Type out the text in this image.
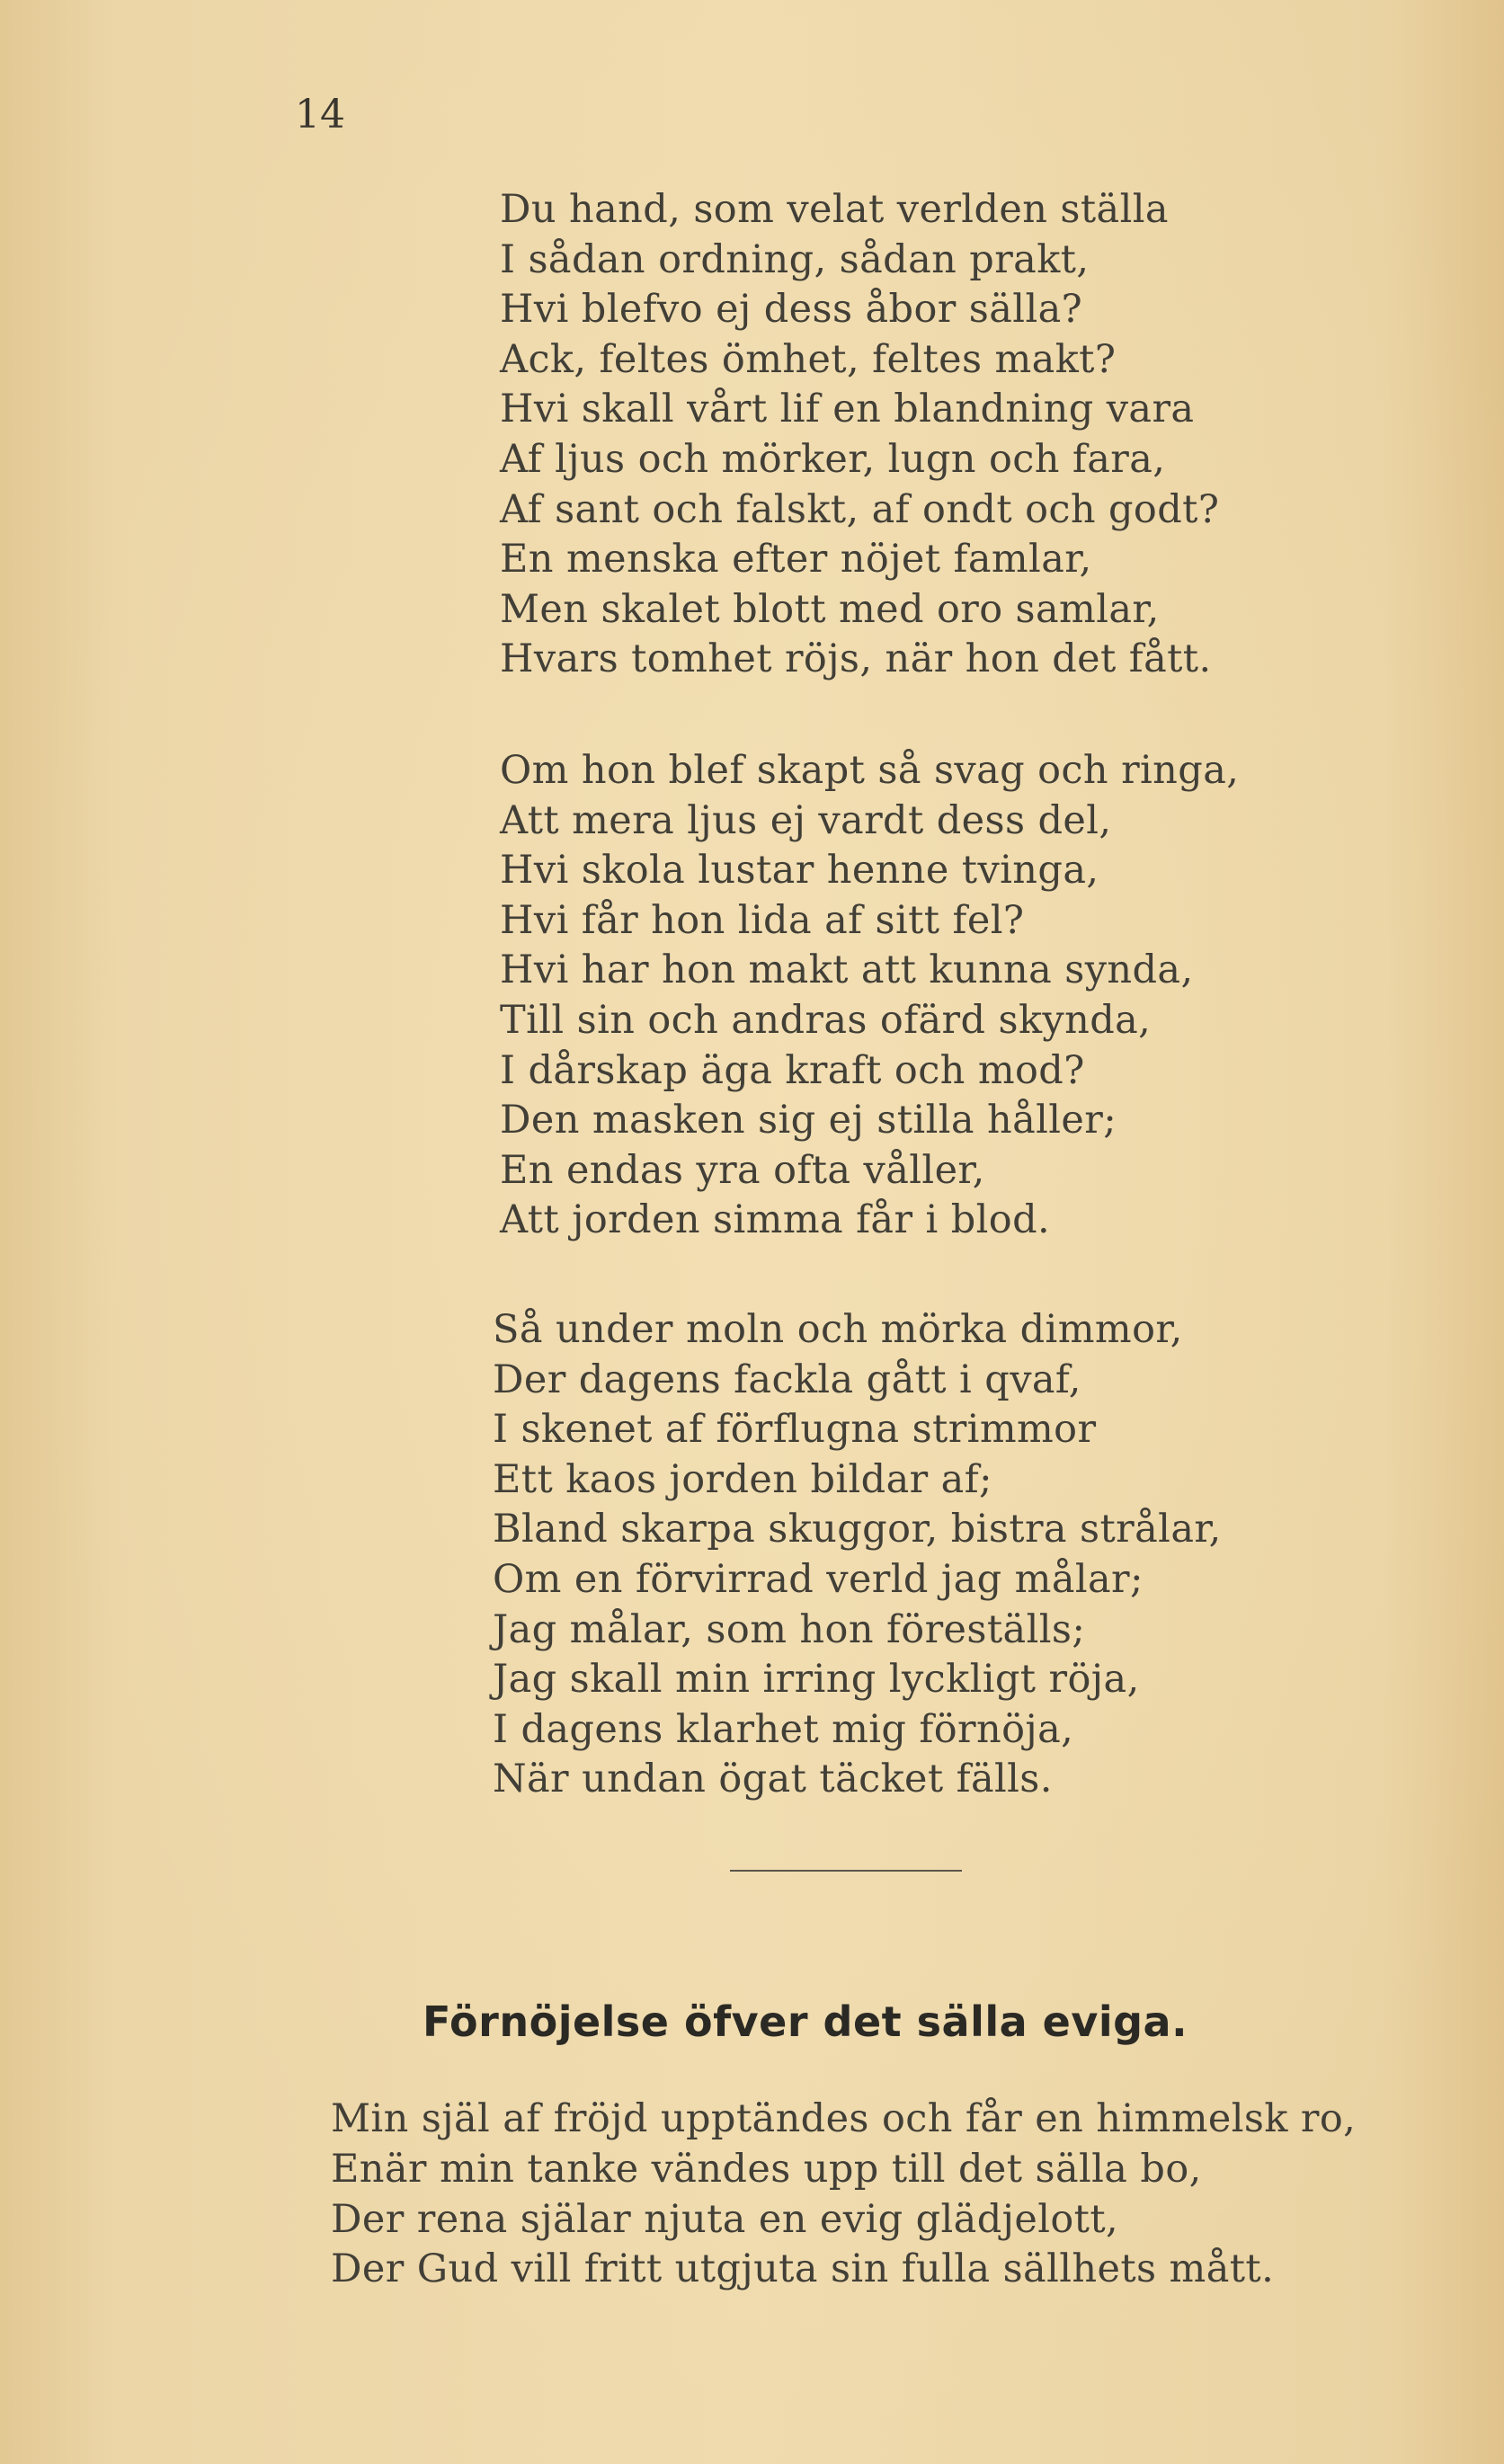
14
Du hand, som velat verlden ställa
I sådan ordning, sådan prakt,
Hvi blefvo ej dess åbor sälla?
Ack, feltes ömhet, feltes makt?
Hvi skall vårt lif en blandning vara
Af ljus och mörker, lugn och fara,
Af sant och falskt, af ondt och godt?
En menska efter nöjet famlar,
Men skalet blott med oro samlar,
Hvars tomhet röjs, när hon det fått.
Om hon blef skapt så svag och ringa,
Att mera ljus ej vardt dess del,
Hvi skola lustar henne tvinga,
Hvi får hon lida af sitt fel?
Hvi har hon makt att kunna synda,
Till sin och andras ofärd skynda,
I dårskap äga kraft och mod?
Den masken sig ej stilla håller;
En endas yra ofta våller,
Att jorden simma får i blod.
Så under moln och mörka dimmor,
Der dagens fackla gått i qvaf,
I skenet af förflugna strimmor
Ett kaos jorden bildar af;
Bland skarpa skuggor, bistra strålar,
Om en förvirrad verld jag målar;
Jag målar, som hon föreställs;
Jag skall min irring lyckligt röja,
I dagens klarhet mig förnöja,
När undan ögat täcket fälls.
Förnöjelse öfver det sälla eviga.
Min själ af fröjd upptändes och får en himmelsk ro,
Enär min tanke vändes upp till det sälla bo,
Der rena själar njuta en evig glädjelott,
Der Gud vill fritt utgjuta sin fulla sällhets mått.
